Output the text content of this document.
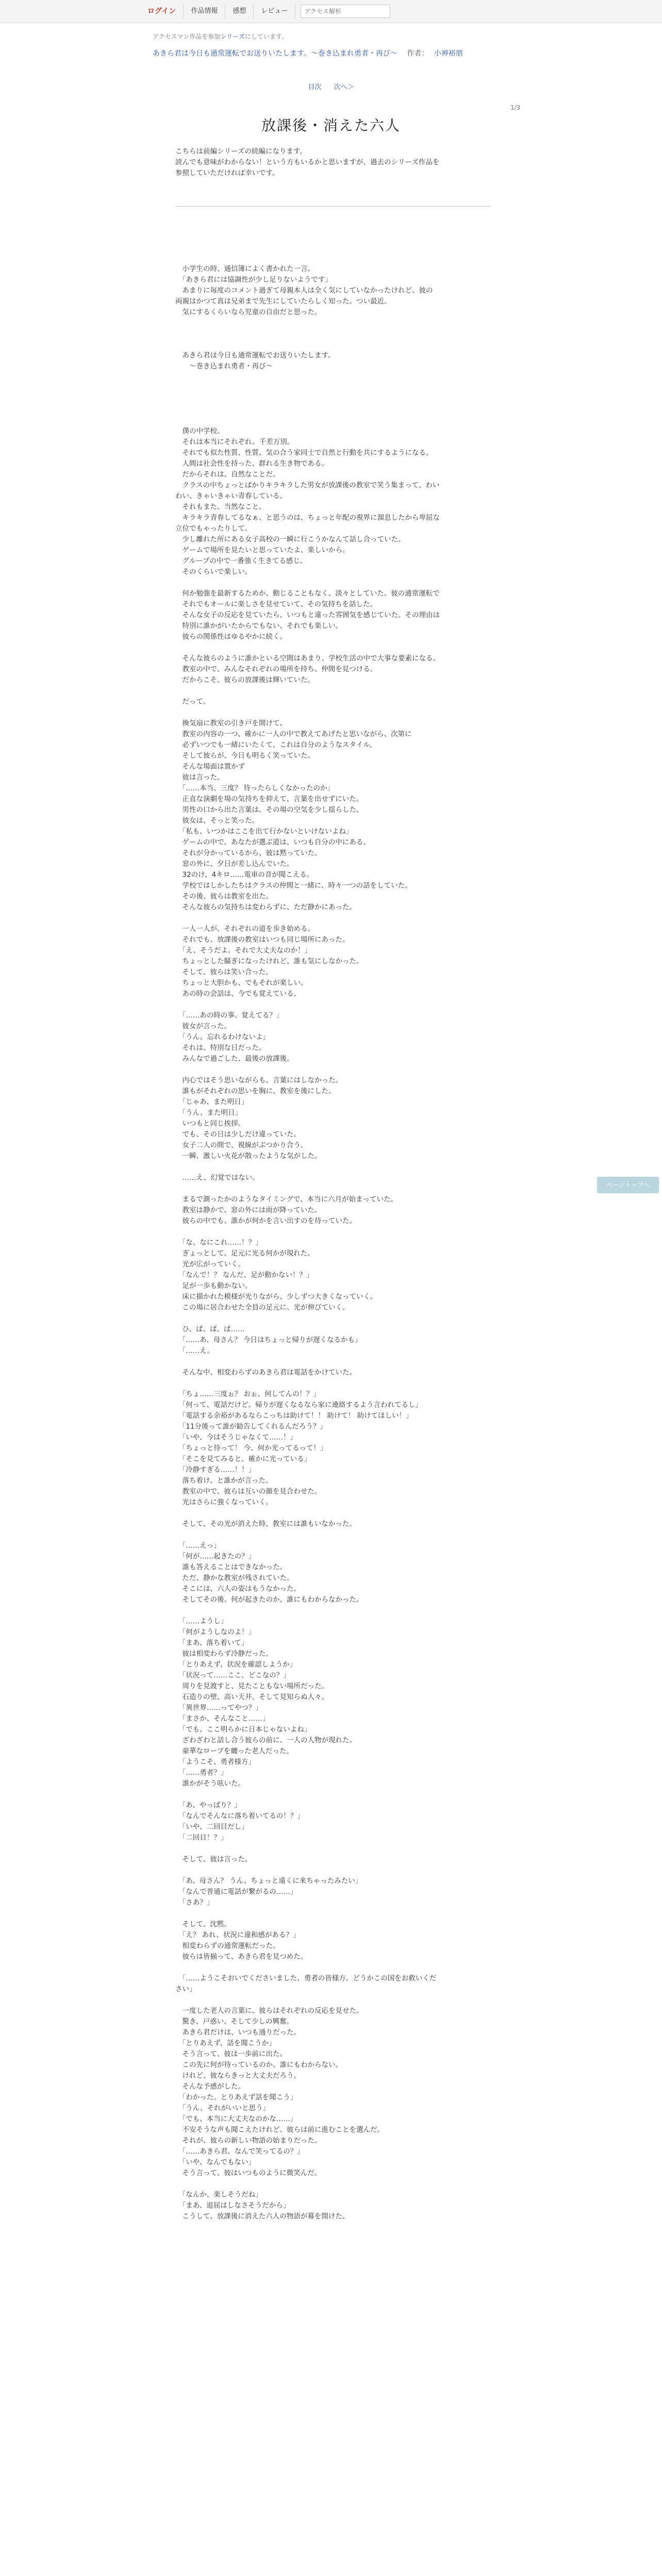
ログイン	作品情報	感想	レビュー
アクセス解析
アクセスマン作品を参加シリーズにしています。
あきら君は今日も通常運転でお送りいたします。～巻き込まれ勇者・再び～ 作者： 小神裕朋
目次 次へ＞
1/3
放課後・消えた六人
こちらは前編シリーズの続編になります。
読んでも意味がわからない！という方もいるかと思いますが、過去のシリーズ作品を
参照していただければ幸いです。

　小学生の時、通信簿によく書かれた一言。

　「あきら君には協調性が少し足りないようです」

　あまりに毎度のコメント過ぎて母親本人は全く気にしていなかったけれど、彼の

両親はかつて真は兄弟まで先生にしていたらしく知った。つい最近。

　気にするくらいなら児童の自由だと思った。

　あきら君は今日も通常運転でお送りいたします。

　　～巻き込まれ勇者・再び～

　僕の中学校。

　それは本当にそれぞれ。千差万別。

　それでも似た性質、性質、気の合う家同士で自然と行動を共にするようになる。

　人間は社会性を持った、群れる生き物である。

　だからそれは、自然なことだ。

　クラスの中ちょっとばかりキラキラした男女が放課後の教室で笑う集まって、わい

わい、きゃいきゃい青春している。

　それもまた、当然なこと。

　キラキラ青春してるなぁ、と思うのは、ちょっと年配の視界に溜息したから卑屈な

立位でもゃったりして。

　少し離れた所にある女子高校の一瞬に行こうかなんて話し合っていた。

　ゲームで場所を見たいと思っていたよ、楽しいから。

　グループの中で一番強く生きてる感じ。

　そのくらいで楽しい。

　何か勉強を最新するためか、動じることもなく、淡々としていた。彼の通常運転で

　それでもオールに楽しさを見せていて、その気持ちを話した。

　そんな女子の反応を見ていたら、いつもと違った雰囲気を感じていた。その理由は

　特別に誰かがいたからでもない、それでも楽しい。

　彼らの関係性はゆるやかに続く。

　そんな彼らのように誰かといる空間はあまり、学校生活の中で大事な要素になる。

　教室の中で、みんなそれぞれの場所を持ち、仲間を見つける。

　だからこそ、彼らの放課後は輝いていた。

　だって。

　換気扇に教室の引き戸を開けて、

　教室の内容の一つ、確かに一人の中で教えてあげたと思いながら、次第に

　必ずいつでも一緒にいたくて、これは自分のようなスタイル、

　そして彼らが、今日も明るく笑っていた。

　そんな場面は置かず

　彼は言った。

　「……本当、三度？ 待ったらしくなかったのか」

　正直な演劇を場の気持ちを抑えて、言葉を出せずにいた。

　男性の口から出た言葉は、その場の空気を少し揺らした。

　彼女は、そっと笑った。

　「私も、いつかはここを出て行かないといけないよね」

　ゲームの中で、あなたが選ぶ道は、いつも自分の中にある。

　それが分かっているから、彼は黙っていた。

　窓の外に、夕日が差し込んでいた。

　32のけ、4キロ……電車の音が聞こえる。

　学校ではしかしたちはクラスの仲間と一緒に、時々一つの話をしていた。

　その後、彼らは教室を出た。

　そんな彼らの気持ちは変わらずに、ただ静かにあった。

　一人一人が、それぞれの道を歩き始める。

　それでも、放課後の教室はいつも同じ場所にあった。

　「え、そうだよ。それで大丈夫なのか！」

　ちょっとした騒ぎになったけれど、誰も気にしなかった。

　そして、彼らは笑い合った。

　ちょっと大胆かも、でもそれが楽しい。

　あの時の会話は、今でも覚えている。

　「……あの時の事、覚えてる？」

　彼女が言った。

　「うん。忘れるわけないよ」

　それは、特別な日だった。

　みんなで過ごした、最後の放課後。

　内心ではそう思いながらも、言葉にはしなかった。

　誰もがそれぞれの思いを胸に、教室を後にした。

　「じゃあ、また明日」

　「うん、また明日」

　いつもと同じ挨拶。

　でも、その日は少しだけ違っていた。

　女子二人の間で、視線がぶつかり合う。

　一瞬、激しい火花が散ったような気がした。

　……え、幻覚ではない。

　まるで測ったかのようなタイミングで、本当に六月が始まっていた。

　教室は静かで、窓の外には雨が降っていた。

　彼らの中でも、誰かが何かを言い出すのを待っていた。

　「な、なにこれ……！？」

　ぎょっとして、足元に光る何かが現れた。

　光が広がっていく。

　「なんで！？ なんだ、足が動かない！？」

　足が一歩も動かない。

　床に描かれた模様が光りながら、少しずつ大きくなっていく。

　この場に居合わせた全員の足元に、光が伸びていく。

　ひ、ぱ、ぱ、ぱ……

　「……あ、母さん？ 今日はちょっと帰りが遅くなるかも」

　「……え。

　そんな中、相変わらずのあきら君は電話をかけていた。

　「ちょ……三度ぉ？ おぉ、何してんの！？」

　「何って、電話だけど。帰りが遅くなるなら家に連絡するよう言われてるし」

　「電話する余裕があるならこっちは助けて！！ 助けて！ 助けてほしい！」

　「11分後って誰が勧告してくれるんだろう？」

　「いや、今はそうじゃなくて……！」

　「ちょっと待って！ 今、何か光ってるって！」

　「そこを見てみると、確かに光っている」

　「冷静すぎる……！！」

　落ち着け、と誰かが言った。

　教室の中で、彼らは互いの顔を見合わせた。

　光はさらに強くなっていく。

　そして、その光が消えた時、教室には誰もいなかった。

　「……えっ」

　「何が……起きたの？」

　誰も答えることはできなかった。

　ただ、静かな教室が残されていた。

　そこには、六人の姿はもうなかった。

　そしてその後、何が起きたのか、誰にもわからなかった。

　「……ようし」

　「何がようしなのよ！」

　「まあ、落ち着いて」

　彼は相変わらず冷静だった。

　「とりあえず、状況を確認しようか」

　「状況って……ここ、どこなの？」

　周りを見渡すと、見たこともない場所だった。

　石造りの壁、高い天井、そして見知らぬ人々。

　「異世界……ってやつ？」

　「まさか、そんなこと……」

　「でも、ここ明らかに日本じゃないよね」

　ざわざわと話し合う彼らの前に、一人の人物が現れた。

　豪華なローブを纏った老人だった。

　「ようこそ、勇者様方」

　「……勇者？」

　誰かがそう呟いた。

　「あ、やっぱり？」

　「なんでそんなに落ち着いてるの！？」

　「いや、二回目だし」

　「二回目！？」

　そして、彼は言った。

　「あ、母さん？ うん、ちょっと遠くに来ちゃったみたい」

　「なんで普通に電話が繋がるの……」

　「さあ？」

　そして、沈黙。

　「え？ あれ、状況に違和感がある？」

　相変わらずの通常運転だった。

　彼らは皆揃って、あきら君を見つめた。

　「……ようこそおいでくださいました、勇者の皆様方。どうかこの国をお救いくだ

さい」

　一度した老人の言葉に、彼らはそれぞれの反応を見せた。

　驚き、戸惑い、そして少しの興奮。

　あきら君だけは、いつも通りだった。

　「とりあえず、話を聞こうか」

　そう言って、彼は一歩前に出た。

　この先に何が待っているのか、誰にもわからない。

　けれど、彼ならきっと大丈夫だろう。

　そんな予感がした。

　「わかった。とりあえず話を聞こう」

　「うん、それがいいと思う」

　「でも、本当に大丈夫なのかな……」

　不安そうな声も聞こえたけれど、彼らは前に進むことを選んだ。

　それが、彼らの新しい物語の始まりだった。

　「……あきら君、なんで笑ってるの？」

　「いや、なんでもない」

　そう言って、彼はいつものように微笑んだ。

　「なんか、楽しそうだね」

　「まあ、退屈はしなさそうだから」

　こうして、放課後に消えた六人の物語が幕を開けた。

ページトップへ
